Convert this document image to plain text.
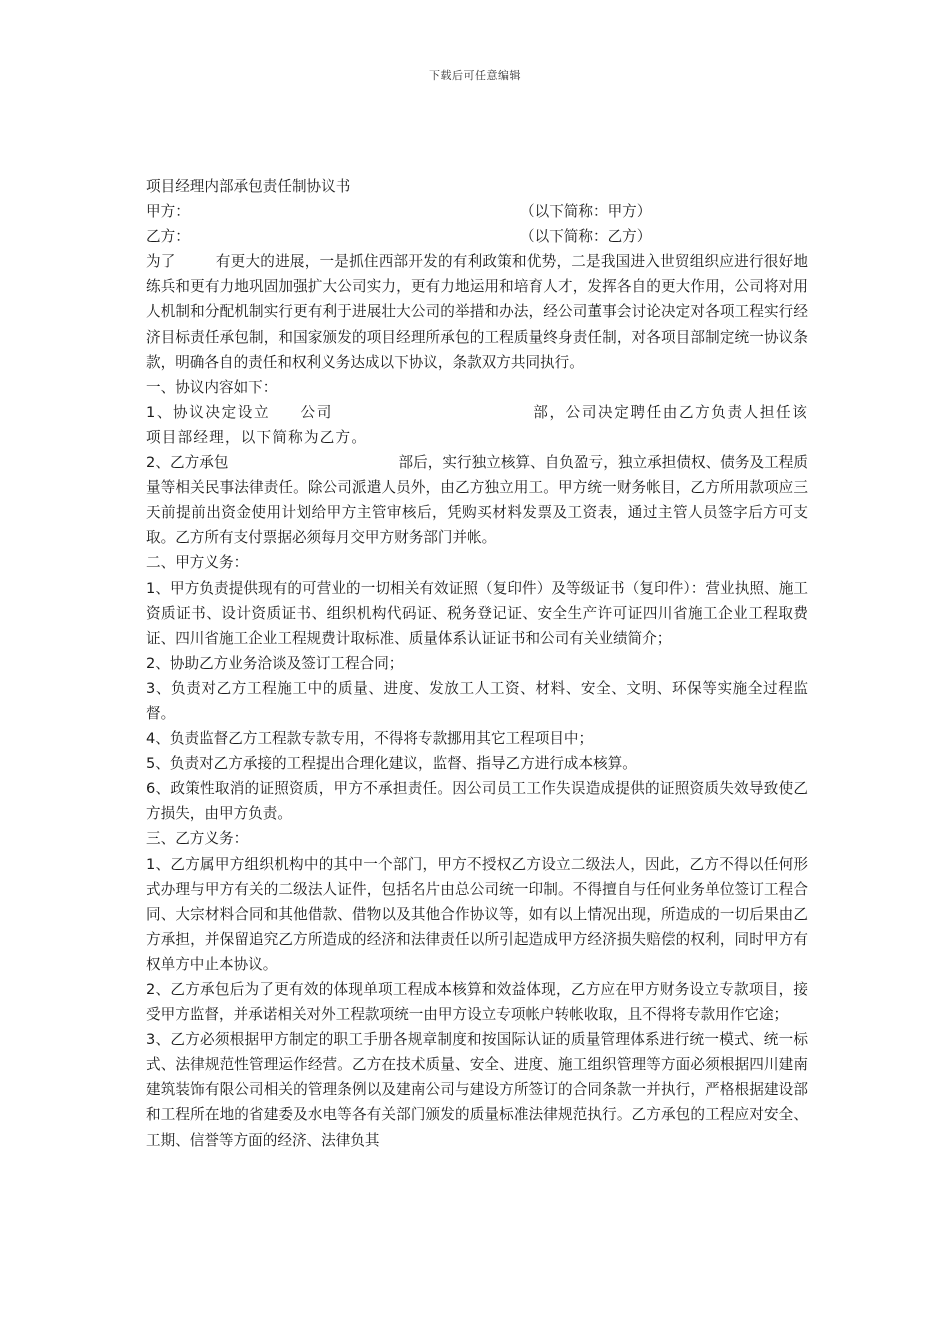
下载后可任意编辑
项目经理内部承包责任制协议书
甲方：	（以下简称：甲方）
乙方：	（以下简称：乙方）

为了	有更大的进展，一是抓住西部开发的有利政策和优势，二是我国进入世贸组织应进行很好地练兵和更有力地巩固加强扩大公司实力，更有力地运用和培育人才，发挥各自的更大作用，公司将对用人机制和分配机制实行更有利于进展壮大公司的举措和办法，经公司董事会讨论决定对各项工程实行经济目标责任承包制，和国家颁发的项目经理所承包的工程质量终身责任制，对各项目部制定统一协议条款，明确各自的责任和权利义务达成以下协议，条款双方共同执行。

一、协议内容如下：

1、协议决定设立 公司	部，公司决定聘任由乙方负责人担任该项目部经理，以下简称为乙方。

2、乙方承包	部后，实行独立核算、自负盈亏，独立承担债权、债务及工程质量等相关民事法律责任。除公司派遣人员外，由乙方独立用工。甲方统一财务帐目，乙方所用款项应三天前提前出资金使用计划给甲方主管审核后，凭购买材料发票及工资表，通过主管人员签字后方可支取。乙方所有支付票据必须每月交甲方财务部门并帐。

二、甲方义务：

1、甲方负责提供现有的可营业的一切相关有效证照（复印件）及等级证书（复印件）：营业执照、施工资质证书、设计资质证书、组织机构代码证、税务登记证、安全生产许可证四川省施工企业工程取费证、四川省施工企业工程规费计取标准、质量体系认证证书和公司有关业绩简介；

2、协助乙方业务洽谈及签订工程合同；

3、负责对乙方工程施工中的质量、进度、发放工人工资、材料、安全、文明、环保等实施全过程监督。

4、负责监督乙方工程款专款专用，不得将专款挪用其它工程项目中；

5、负责对乙方承接的工程提出合理化建议，监督、指导乙方进行成本核算。

6、政策性取消的证照资质，甲方不承担责任。因公司员工工作失误造成提供的证照资质失效导致使乙方损失，由甲方负责。

三、乙方义务：

1、乙方属甲方组织机构中的其中一个部门，甲方不授权乙方设立二级法人，因此，乙方不得以任何形式办理与甲方有关的二级法人证件，包括名片由总公司统一印制。不得擅自与任何业务单位签订工程合同、大宗材料合同和其他借款、借物以及其他合作协议等，如有以上情况出现，所造成的一切后果由乙方承担，并保留追究乙方所造成的经济和法律责任以所引起造成甲方经济损失赔偿的权利，同时甲方有权单方中止本协议。

2、乙方承包后为了更有效的体现单项工程成本核算和效益体现，乙方应在甲方财务设立专款项目，接受甲方监督，并承诺相关对外工程款项统一由甲方设立专项帐户转帐收取，且不得将专款用作它途；

3、乙方必须根据甲方制定的职工手册各规章制度和按国际认证的质量管理体系进行统一模式、统一标式、法律规范性管理运作经营。乙方在技术质量、安全、进度、施工组织管理等方面必须根据四川建南建筑装饰有限公司相关的管理条例以及建南公司与建设方所签订的合同条款一并执行，严格根据建设部和工程所在地的省建委及水电等各有关部门颁发的质量标准法律规范执行。乙方承包的工程应对安全、工期、信誉等方面的经济、法律负其
